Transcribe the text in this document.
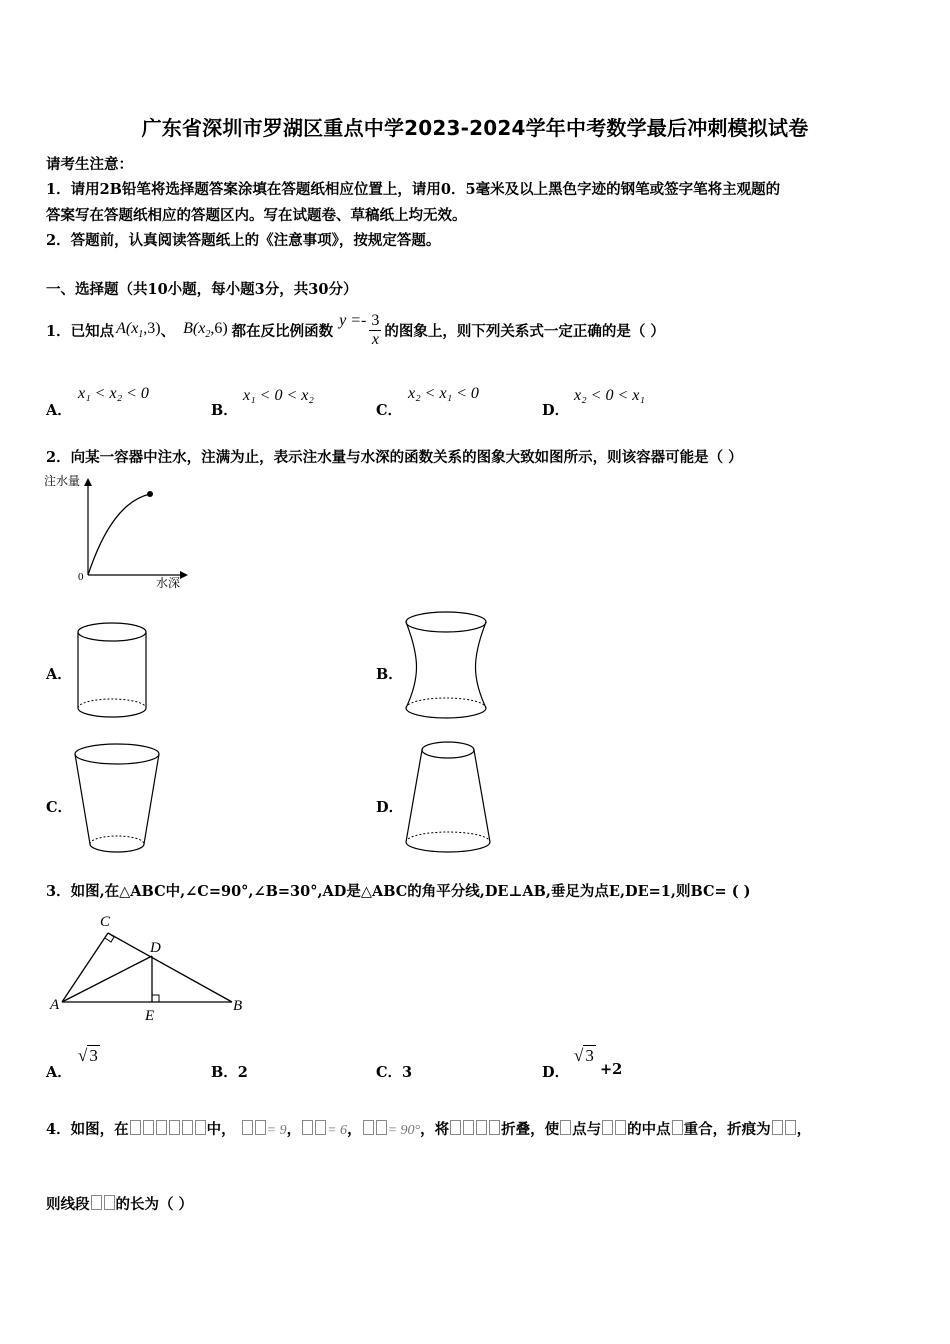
广东省深圳市罗湖区重点中学2023-2024学年中考数学最后冲刺模拟试卷
请考生注意：
1．请用2B铅笔将选择题答案涂填在答题纸相应位置上，请用0．5毫米及以上黑色字迹的钢笔或签字笔将主观题的
答案写在答题纸相应的答题区内。写在试题卷、草稿纸上均无效。
2．答题前，认真阅读答题纸上的《注意事项》，按规定答题。
一、选择题（共10小题，每小题3分，共30分）
1．已知点 $A(x_1,3)$ 、 $B(x_2,6)$ 都在反比例函数
$y =- \frac{3}{x}$ 的图象上，则下列关系式一定正确的是（ ）
A．
x₁ < x₂ < 0
B．
x₁ < 0 < x₂
C．
x₂ < x₁ < 0
D．
x₂ < 0 < x₁
2．向某一容器中注水，注满为止，表示注水量与水深的函数关系的图象大致如图所示，则该容器可能是（ ）
注水量
水深
0
A．	B．
C．	D．
3．如图,在△ABC中,∠C=90°,∠B=30°,AD是△ABC的角平分线,DE⊥AB,垂足为点E,DE=1,则BC= ( )
C
D
A	B
E
A．
√ 3
B．2	C．3	D．
√ 3
+2
4．如图，在	中， = 9， = 6， = 90°，将	折叠，使 点与 的中点 重合，折痕为 ，
则线段 的长为（ ）
